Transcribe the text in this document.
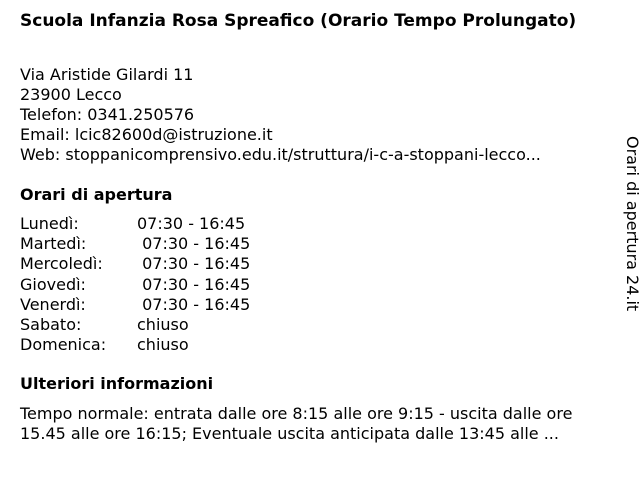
Scuola Infanzia Rosa Spreafico (Orario Tempo Prolungato)
Via Aristide Gilardi 11
23900 Lecco
Telefon: 0341.250576
Email: lcic82600d@istruzione.it
Web: stoppanicomprensivo.edu.it/struttura/i-c-a-stoppani-lecco...
Orari di apertura
Lunedì:	07:30 - 16:45
Martedì:	07:30 - 16:45
Mercoledì:	07:30 - 16:45
Giovedì:	07:30 - 16:45
Venerdì:	07:30 - 16:45
Sabato:	chiuso
Domenica:	chiuso
Ulteriori informazioni
Tempo normale: entrata dalle ore 8:15 alle ore 9:15 - uscita dalle ore
15.45 alle ore 16:15; Eventuale uscita anticipata dalle 13:45 alle ...
Orari di apertura 24.it
